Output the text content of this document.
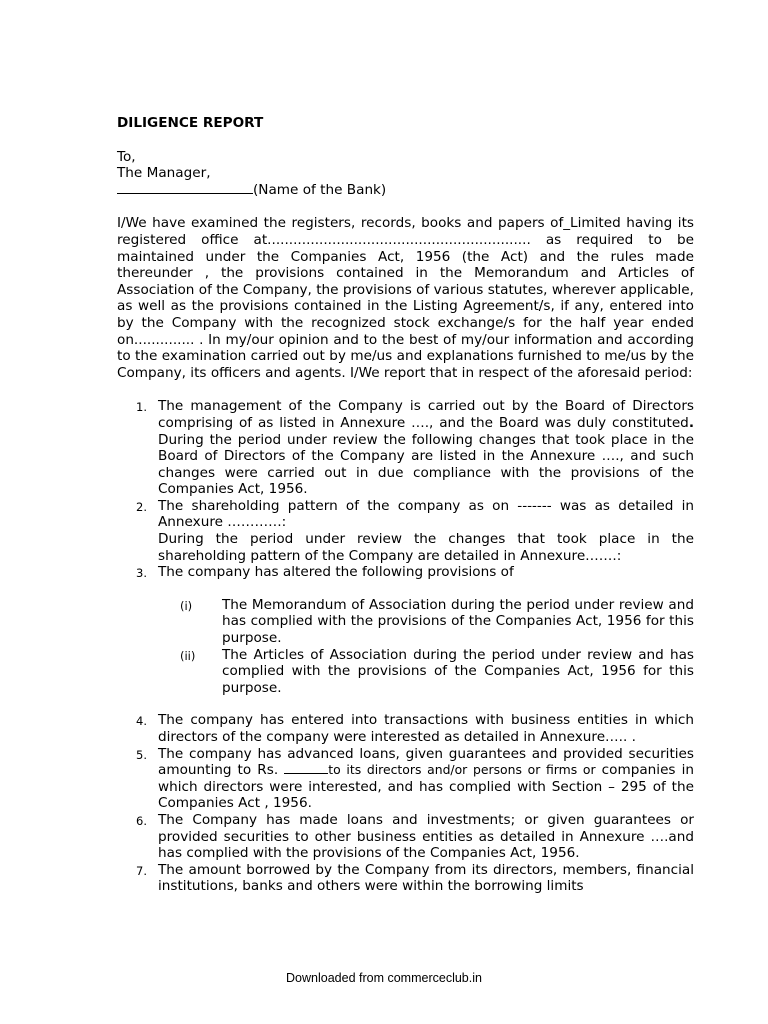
DILIGENCE REPORT
To,
The Manager,
(Name of the Bank)
I/We have examined the registers, records, books and papers of_Limited having its registered office at............................................................. as required to be maintained under the Companies Act, 1956 (the Act) and the rules made thereunder , the provisions contained in the Memorandum and Articles of Association of the Company, the provisions of various statutes, wherever applicable, as well as the provisions contained in the Listing Agreement/s, if any, entered into by the Company with the recognized stock exchange/s for the half year ended on.............. . In my/our opinion and to the best of my/our information and according to the examination carried out by me/us and explanations furnished to me/us by the Company, its officers and agents. I/We report that in respect of the aforesaid period:
1. The management of the Company is carried out by the Board of Directors comprising of as listed in Annexure …., and the Board was duly constituted. During the period under review the following changes that took place in the Board of Directors of the Company are listed in the Annexure …., and such changes were carried out in due compliance with the provisions of the Companies Act, 1956.
2. The shareholding pattern of the company as on ------- was as detailed in Annexure …………:
During the period under review the changes that took place in the shareholding pattern of the Company are detailed in Annexure…….:
3. The company has altered the following provisions of
(i) The Memorandum of Association during the period under review and has complied with the provisions of the Companies Act, 1956 for this purpose.
(ii) The Articles of Association during the period under review and has complied with the provisions of the Companies Act, 1956 for this purpose.
4. The company has entered into transactions with business entities in which directors of the company were interested as detailed in Annexure….. .
5. The company has advanced loans, given guarantees and provided securities amounting to Rs.	to its directors and/or persons or firms or companies in which directors were interested, and has complied with Section – 295 of the Companies Act , 1956.
6. The Company has made loans and investments; or given guarantees or provided securities to other business entities as detailed in Annexure ….and has complied with the provisions of the Companies Act, 1956.
7. The amount borrowed by the Company from its directors, members, financial institutions, banks and others were within the borrowing limits
Downloaded from commerceclub.in
